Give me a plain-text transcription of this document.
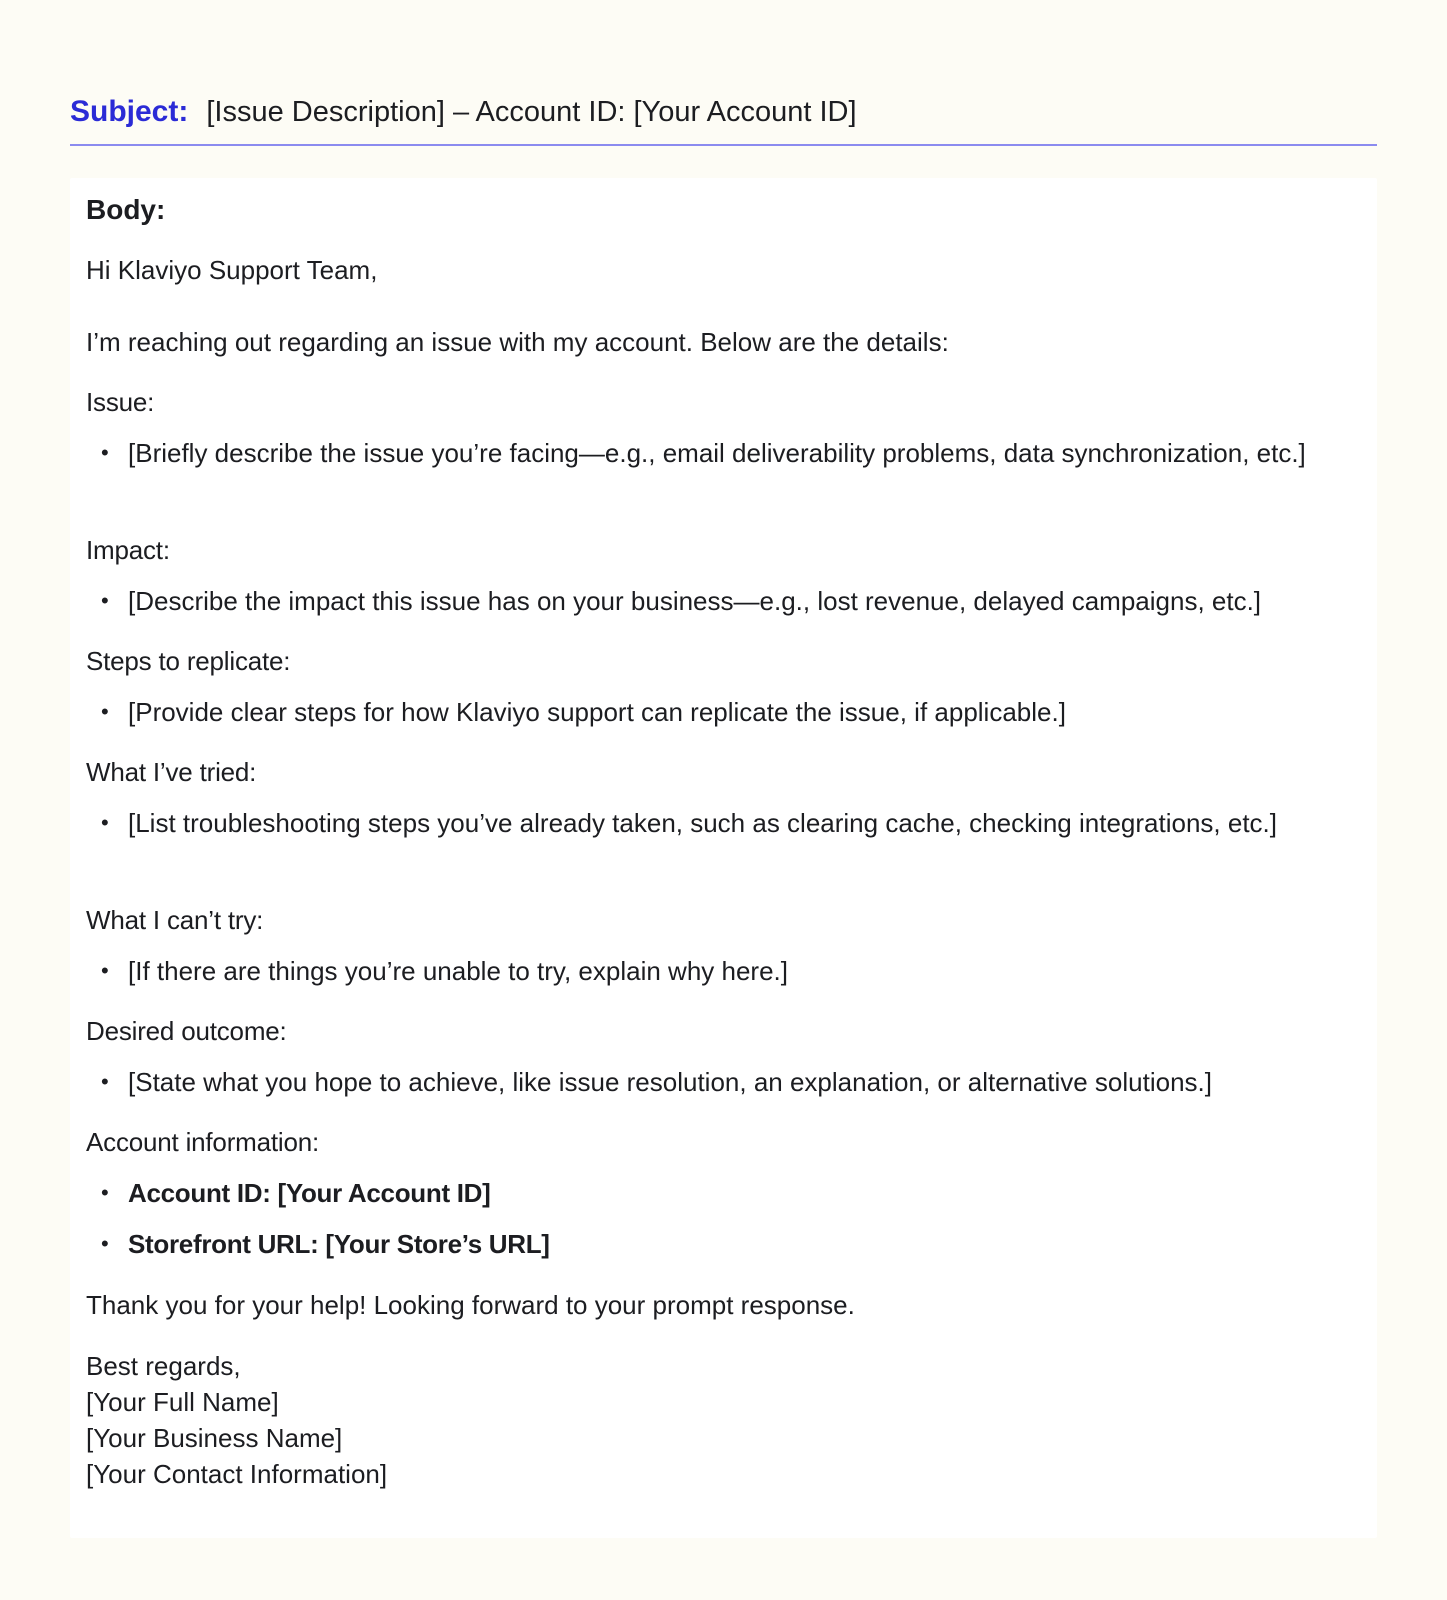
Subject: [Issue Description] – Account ID: [Your Account ID]
Body:
Hi Klaviyo Support Team,
I’m reaching out regarding an issue with my account. Below are the details:
Issue:
• [Briefly describe the issue you’re facing—e.g., email deliverability problems, data synchronization, etc.]
Impact:
• [Describe the impact this issue has on your business—e.g., lost revenue, delayed campaigns, etc.]
Steps to replicate:
• [Provide clear steps for how Klaviyo support can replicate the issue, if applicable.]
What I’ve tried:
• [List troubleshooting steps you’ve already taken, such as clearing cache, checking integrations, etc.]
What I can’t try:
• [If there are things you’re unable to try, explain why here.]
Desired outcome:
• [State what you hope to achieve, like issue resolution, an explanation, or alternative solutions.]
Account information:
• Account ID: [Your Account ID]
• Storefront URL: [Your Store’s URL]
Thank you for your help! Looking forward to your prompt response.
Best regards,
[Your Full Name]
[Your Business Name]
[Your Contact Information]
